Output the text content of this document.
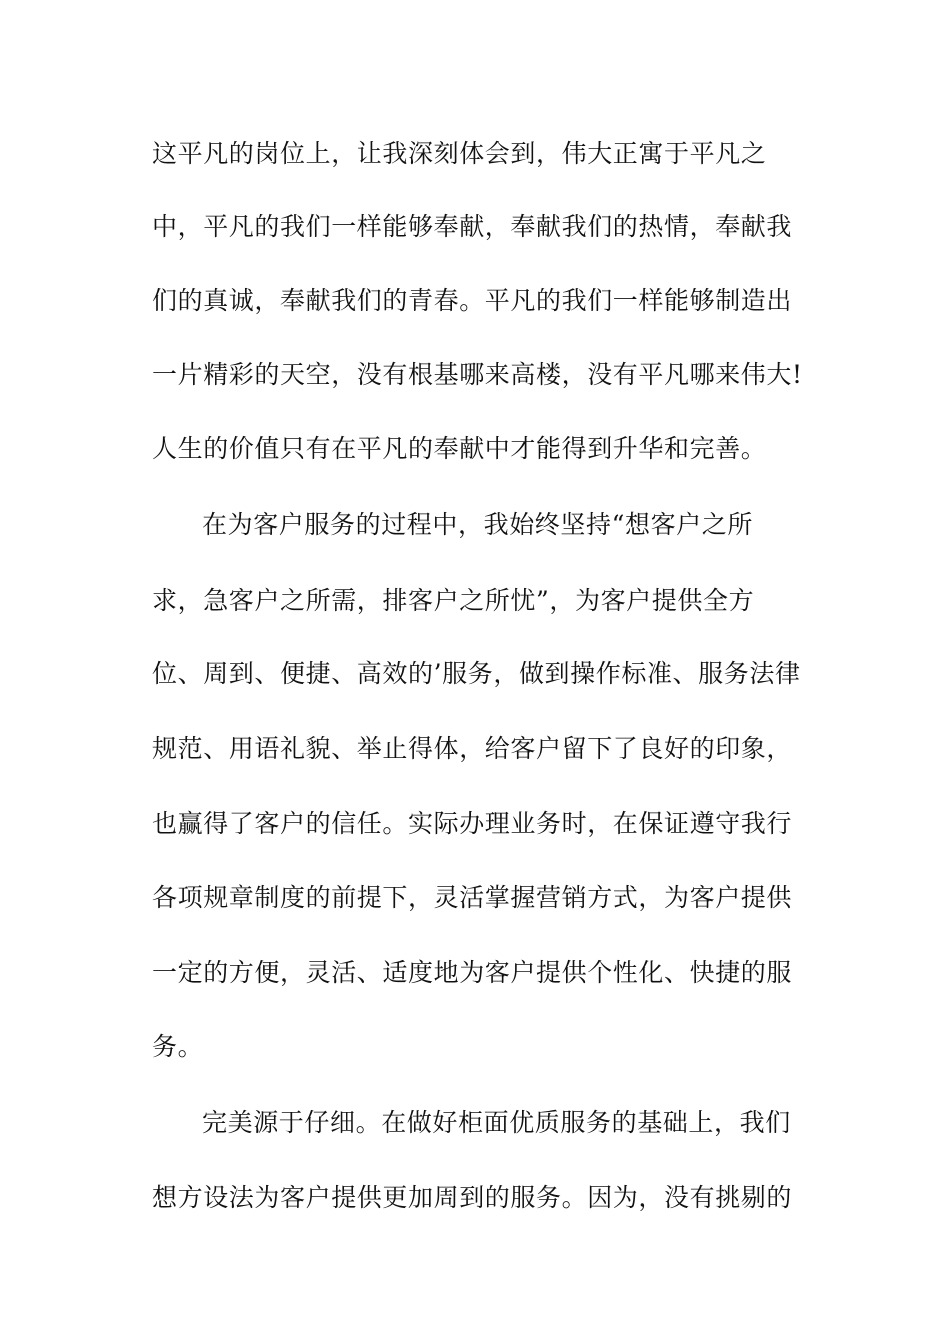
这平凡的岗位上，让我深刻体会到，伟大正寓于平凡之
中，平凡的我们一样能够奉献，奉献我们的热情，奉献我
们的真诚，奉献我们的青春。平凡的我们一样能够制造出
一片精彩的天空，没有根基哪来高楼，没有平凡哪来伟大!
人生的价值只有在平凡的奉献中才能得到升华和完善。
在为客户服务的过程中，我始终坚持“想客户之所
求，急客户之所需，排客户之所忧”，为客户提供全方
位、周到、便捷、高效的’服务，做到操作标准、服务法律
规范、用语礼貌、举止得体，给客户留下了良好的印象，
也赢得了客户的信任。实际办理业务时，在保证遵守我行
各项规章制度的前提下，灵活掌握营销方式，为客户提供
一定的方便，灵活、适度地为客户提供个性化、快捷的服
务。
完美源于仔细。在做好柜面优质服务的基础上，我们
想方设法为客户提供更加周到的服务。因为，没有挑剔的
